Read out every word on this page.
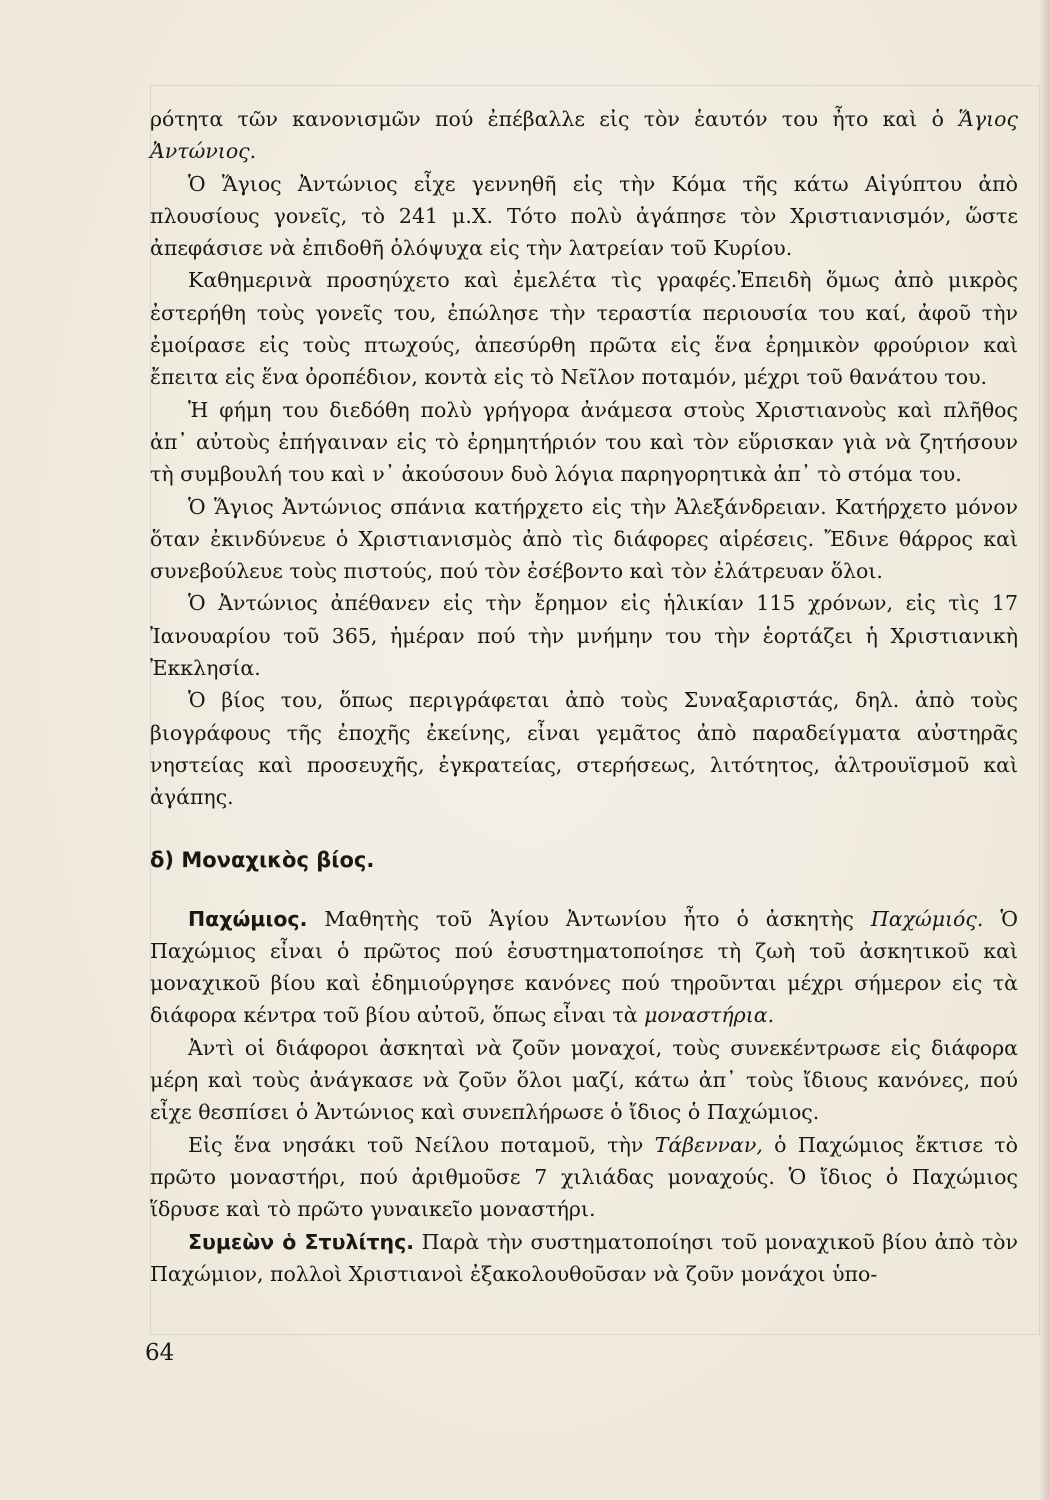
ρότητα τῶν κανονισμῶν πού ἐπέβαλλε εἰς τὸν ἑαυτόν του ἦτο καὶ ὁ Ἅγιος Ἀντώνιος.

Ὁ Ἅγιος Ἀντώνιος εἶχε γεννηθῆ εἰς τὴν Κόμα τῆς κάτω Αἰγύπτου ἀπὸ πλουσίους γονεῖς, τὸ 241 μ.Χ. Τότο πολὺ ἀγάπησε τὸν Χριστιανισμόν, ὥστε ἀπεφάσισε νὰ ἐπιδοθῆ ὁλόψυχα εἰς τὴν λατρείαν τοῦ Κυρίου.

Καθημερινὰ προσηύχετο καὶ ἐμελέτα τὶς γραφές.Ἐπειδὴ ὅμως ἀπὸ μικρὸς ἐστερήθη τοὺς γονεῖς του, ἐπώλησε τὴν τεραστία περιουσία του καί, ἀφοῦ τὴν ἐμοίρασε εἰς τοὺς πτωχούς, ἀπεσύρθη πρῶτα εἰς ἕνα ἐρημικὸν φρούριον καὶ ἔπειτα εἰς ἕνα ὀροπέδιον, κοντὰ εἰς τὸ Νεῖλον ποταμόν, μέχρι τοῦ θανάτου του.

Ἡ φήμη του διεδόθη πολὺ γρήγορα ἀνάμεσα στοὺς Χριστιανοὺς καὶ πλῆθος ἀπ᾿ αὐτοὺς ἐπήγαιναν εἰς τὸ ἐρημητήριόν του καὶ τὸν εὕρισκαν γιὰ νὰ ζητήσουν τὴ συμβουλή του καὶ ν᾿ ἀκούσουν δυὸ λόγια παρηγορητικὰ ἀπ᾿ τὸ στόμα του.

Ὁ Ἅγιος Ἀντώνιος σπάνια κατήρχετο εἰς τὴν Ἀλεξάνδρειαν. Κατήρχετο μόνον ὅταν ἐκινδύνευε ὁ Χριστιανισμὸς ἀπὸ τὶς διάφορες αἱρέσεις. Ἔδινε θάρρος καὶ συνεβούλευε τοὺς πιστούς, πού τὸν ἐσέβοντο καὶ τὸν ἐλάτρευαν ὅλοι.

Ὁ Ἀντώνιος ἀπέθανεν εἰς τὴν ἔρημον εἰς ἡλικίαν 115 χρόνων, εἰς τὶς 17 Ἰανουαρίου τοῦ 365, ἡμέραν πού τὴν μνήμην του τὴν ἑορτάζει ἡ Χριστιανικὴ Ἐκκλησία.

Ὁ βίος του, ὅπως περιγράφεται ἀπὸ τοὺς Συναξαριστάς, δηλ. ἀπὸ τοὺς βιογράφους τῆς ἐποχῆς ἐκείνης, εἶναι γεμᾶτος ἀπὸ παραδείγματα αὐστηρᾶς νηστείας καὶ προσευχῆς, ἐγκρατείας, στερήσεως, λιτότητος, ἀλτρουϊσμοῦ καὶ ἀγάπης.

δ) Μοναχικὸς βίος.

Παχώμιος. Μαθητὴς τοῦ Ἁγίου Ἀντωνίου ἦτο ὁ ἀσκητὴς Παχώμιός. Ὁ Παχώμιος εἶναι ὁ πρῶτος πού ἐσυστηματοποίησε τὴ ζωὴ τοῦ ἀσκητικοῦ καὶ μοναχικοῦ βίου καὶ ἐδημιούργησε κανόνες πού τηροῦνται μέχρι σήμερον εἰς τὰ διάφορα κέντρα τοῦ βίου αὐτοῦ, ὅπως εἶναι τὰ μοναστήρια.

Ἀντὶ οἱ διάφοροι ἀσκηταὶ νὰ ζοῦν μοναχοί, τοὺς συνεκέντρωσε εἰς διάφορα μέρη καὶ τοὺς ἀνάγκασε νὰ ζοῦν ὅλοι μαζί, κάτω ἀπ᾿ τοὺς ἴδιους κανόνες, πού εἶχε θεσπίσει ὁ Ἀντώνιος καὶ συνεπλήρωσε ὁ ἴδιος ὁ Παχώμιος.

Εἰς ἕνα νησάκι τοῦ Νείλου ποταμοῦ, τὴν Τάβενναν, ὁ Παχώμιος ἔκτισε τὸ πρῶτο μοναστήρι, πού ἀριθμοῦσε 7 χιλιάδας μοναχούς. Ὁ ἴδιος ὁ Παχώμιος ἵδρυσε καὶ τὸ πρῶτο γυναικεῖο μοναστήρι.

Συμεὼν ὁ Στυλίτης. Παρὰ τὴν συστηματοποίησι τοῦ μοναχικοῦ βίου ἀπὸ τὸν Παχώμιον, πολλοὶ Χριστιανοὶ ἐξακολουθοῦσαν νὰ ζοῦν μονάχοι ὑπο-

64
